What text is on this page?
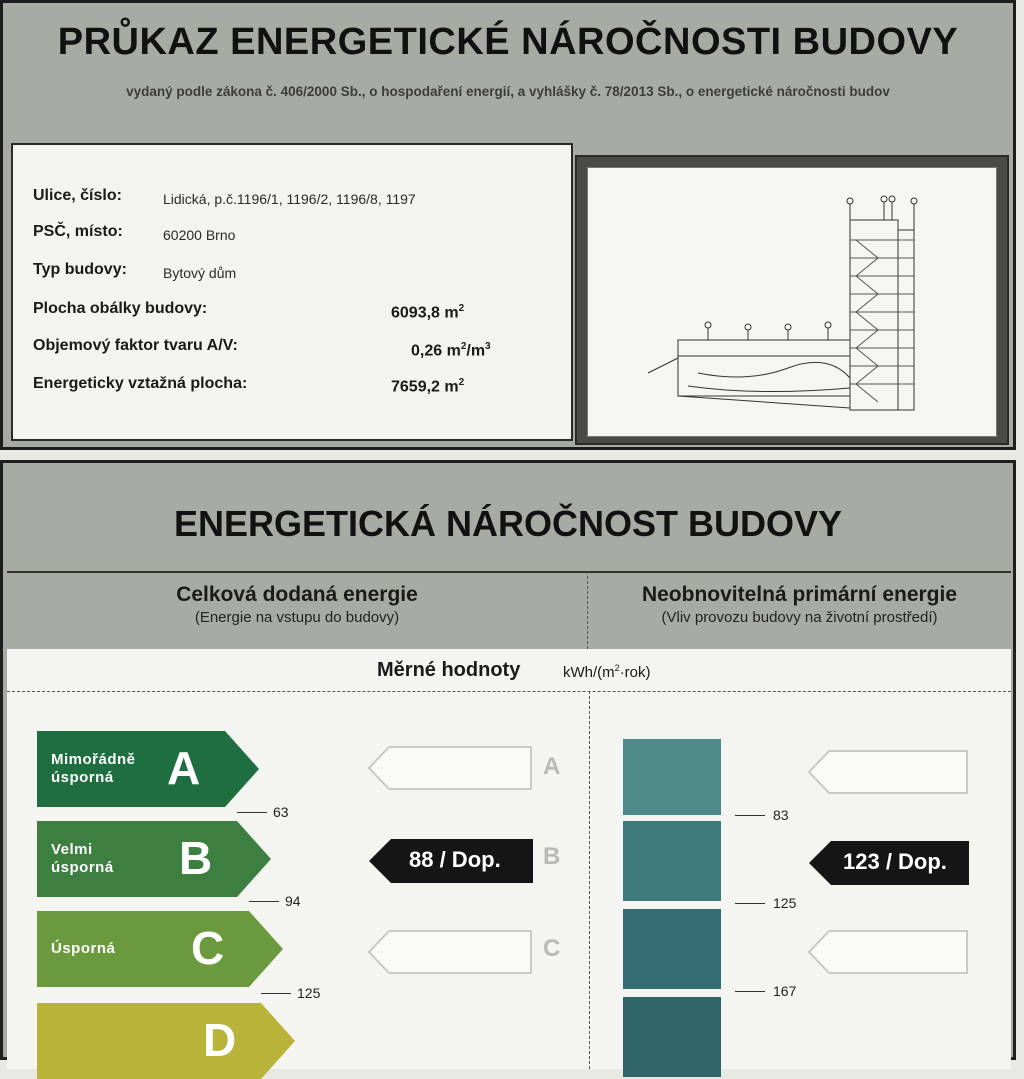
PRŮKAZ ENERGETICKÉ NÁROČNOSTI BUDOVY
vydaný podle zákona č. 406/2000 Sb., o hospodaření energií, a vyhlášky č. 78/2013 Sb., o energetické náročnosti budov
Ulice, číslo:	Lidická, p.č.1196/1, 1196/2, 1196/8, 1197
PSČ, místo:	60200 Brno
Typ budovy:	Bytový dům
Plocha obálky budovy:	6093,8 $m^2$
Objemový faktor tvaru A/V:	0,26 $m^2/m^3$
Energeticky vztažná plocha:	7659,2 $m^2$
ENERGETICKÁ NÁROČNOST BUDOVY
Celková dodaná energie
(Energie na vstupu do budovy)
Neobnovitelná primární energie
(Vliv provozu budovy na životní prostředí)
Měrné hodnoty	kWh/$(m^2\cdot rok)$
Mimořádně
úsporná	A
Velmi
úsporná B
Úsporná C
D
63
94
125
A
88 / Dop. B
C
83
125
167
123 / Dop.
